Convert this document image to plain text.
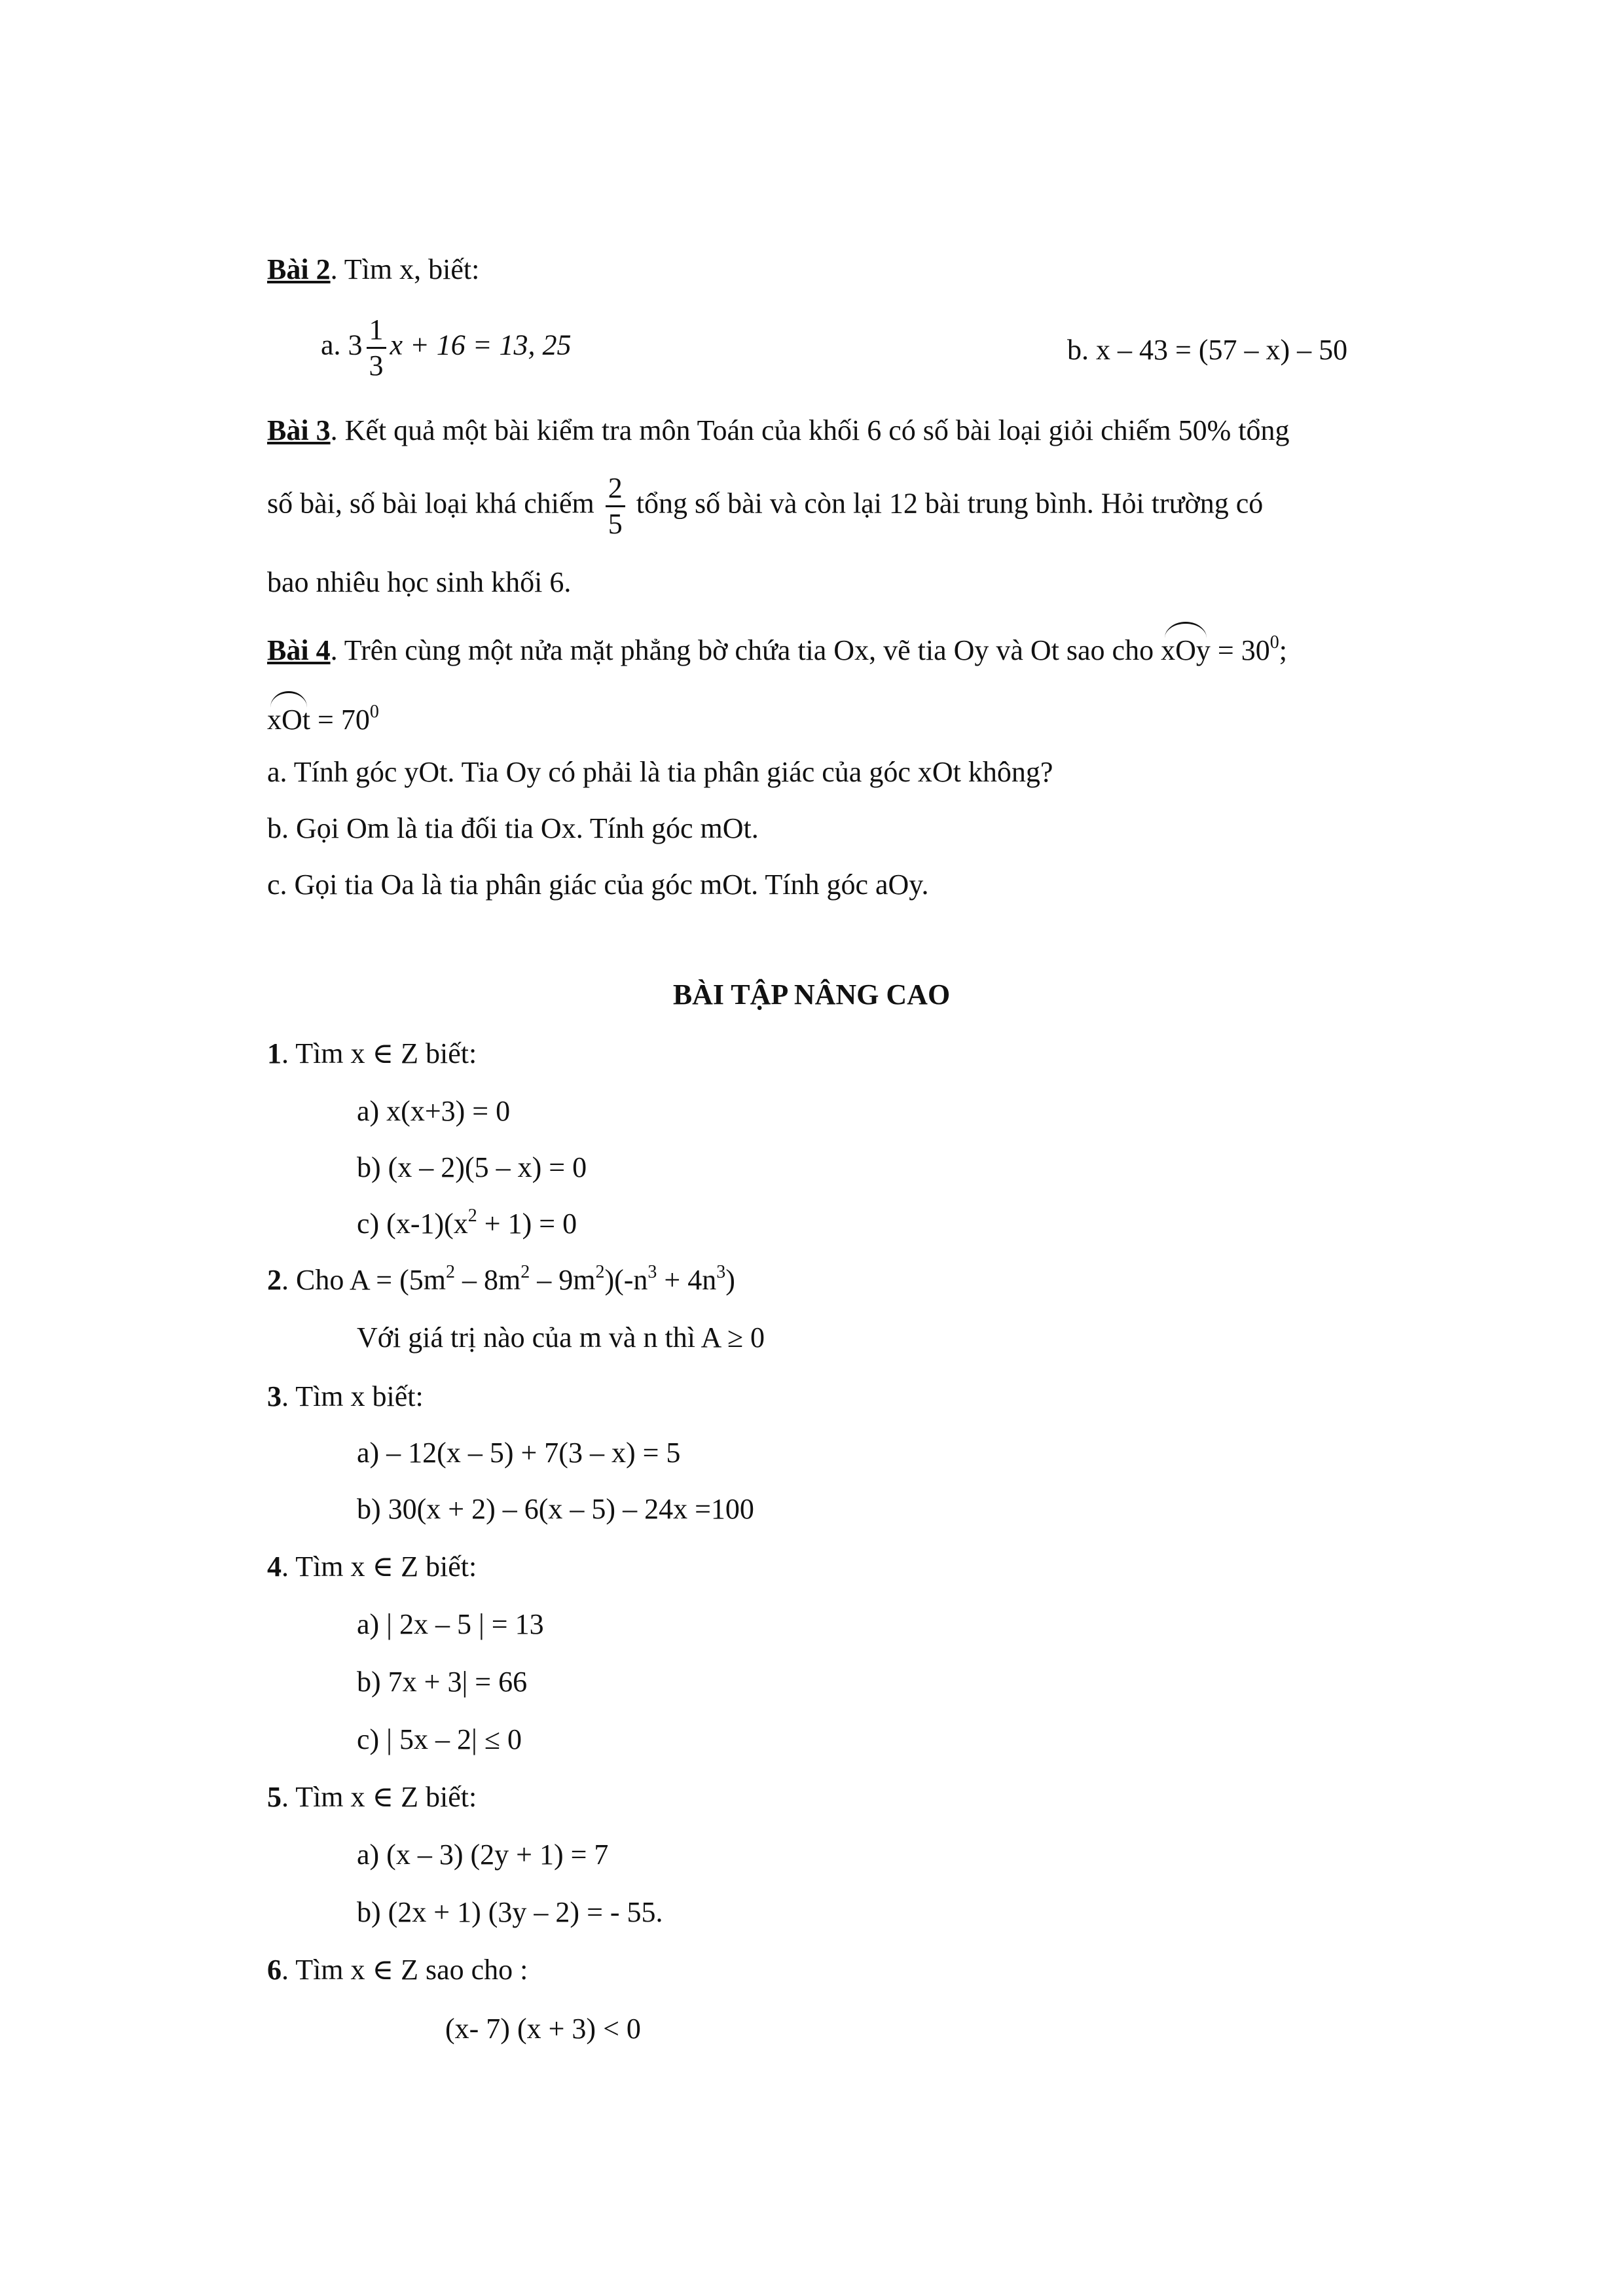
Bài 2. Tìm x, biết:
a. $3 \frac{1}{3}$ x + 16 = 13, 25	b. x – 43 = (57 – x) – 50
Bài 3. Kết quả một bài kiểm tra môn Toán của khối 6 có số bài loại giỏi chiếm 50% tổng
số bài, số bài loại khá chiếm $\frac{2}{5}$ tổng số bài và còn lại 12 bài trung bình. Hỏi trường có
bao nhiêu học sinh khối 6.
Bài 4. Trên cùng một nửa mặt phẳng bờ chứa tia Ox, vẽ tia Oy và Ot sao cho xOy = $30^0$;
xOt = $70^0$
a. Tính góc yOt. Tia Oy có phải là tia phân giác của góc xOt không?
b. Gọi Om là tia đối tia Ox. Tính góc mOt.
c. Gọi tia Oa là tia phân giác của góc mOt. Tính góc aOy.
BÀI TẬP NÂNG CAO
1. Tìm x ∈ Z biết:
a) x(x+3) = 0
b) (x – 2)(5 – x) = 0
c) $(x-1)(x^2 + 1) = 0$
2. Cho $A = (5m^2 - 8m^2 - 9m^2)(-n^3 + 4n^3)$
Với giá trị nào của m và n thì A ≥ 0
3. Tìm x biết:
a) – 12(x – 5) + 7(3 – x) = 5
b) 30(x + 2) – 6(x – 5) – 24x =100
4. Tìm x ∈ Z biết:
a) | 2x – 5 | = 13
b) 7x + 3| = 66
c) | 5x – 2| ≤ 0
5. Tìm x ∈ Z biết:
a) (x – 3) (2y + 1) = 7
b) (2x + 1) (3y – 2) = - 55.
6. Tìm x ∈ Z sao cho :
(x- 7) (x + 3) < 0
